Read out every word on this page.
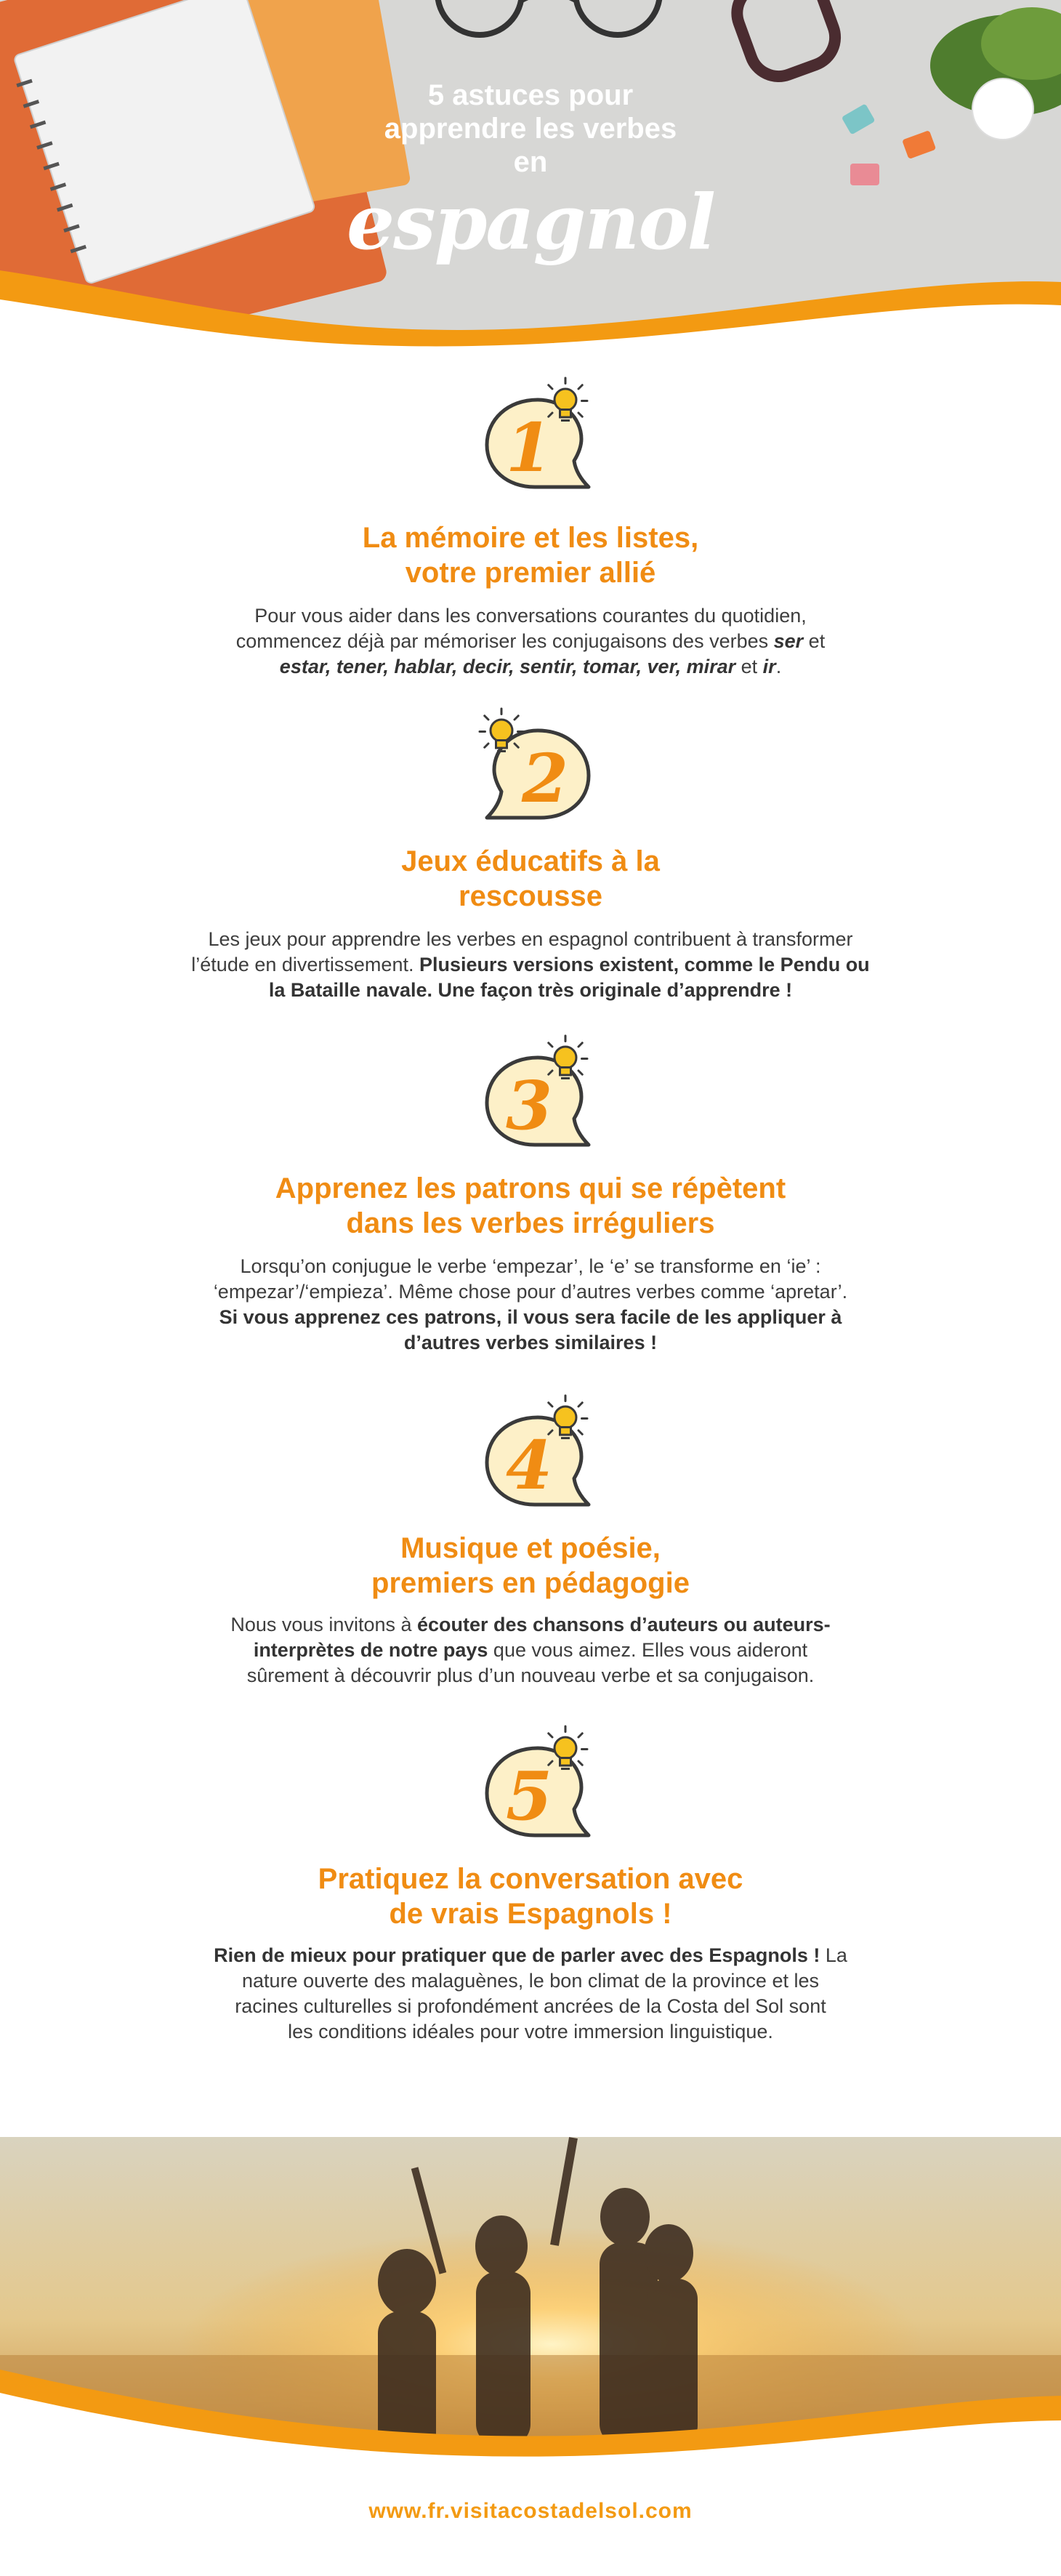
5 astuces pour
apprendre les verbes
en
espagnol
1
La mémoire et les listes,
votre premier allié
Pour vous aider dans les conversations courantes du quotidien,
commencez déjà par mémoriser les conjugaisons des verbes ser et
estar, tener, hablar, decir, sentir, tomar, ver, mirar et ir.
2
Jeux éducatifs à la
rescousse
Les jeux pour apprendre les verbes en espagnol contribuent à transformer
l’étude en divertissement. Plusieurs versions existent, comme le Pendu ou
la Bataille navale. Une façon très originale d’apprendre !
3
Apprenez les patrons qui se répètent
dans les verbes irréguliers
Lorsqu’on conjugue le verbe ‘empezar’, le ‘e’ se transforme en ‘ie’ :
‘empezar’/‘empieza’. Même chose pour d’autres verbes comme ‘apretar’.
Si vous apprenez ces patrons, il vous sera facile de les appliquer à
d’autres verbes similaires !
4
Musique et poésie,
premiers en pédagogie
Nous vous invitons à écouter des chansons d’auteurs ou auteurs-
interprètes de notre pays que vous aimez. Elles vous aideront
sûrement à découvrir plus d’un nouveau verbe et sa conjugaison.
5
Pratiquez la conversation avec
de vrais Espagnols !
Rien de mieux pour pratiquer que de parler avec des Espagnols ! La
nature ouverte des malaguènes, le bon climat de la province et les
racines culturelles si profondément ancrées de la Costa del Sol sont
les conditions idéales pour votre immersion linguistique.
www.fr.visitacostadelsol.com
